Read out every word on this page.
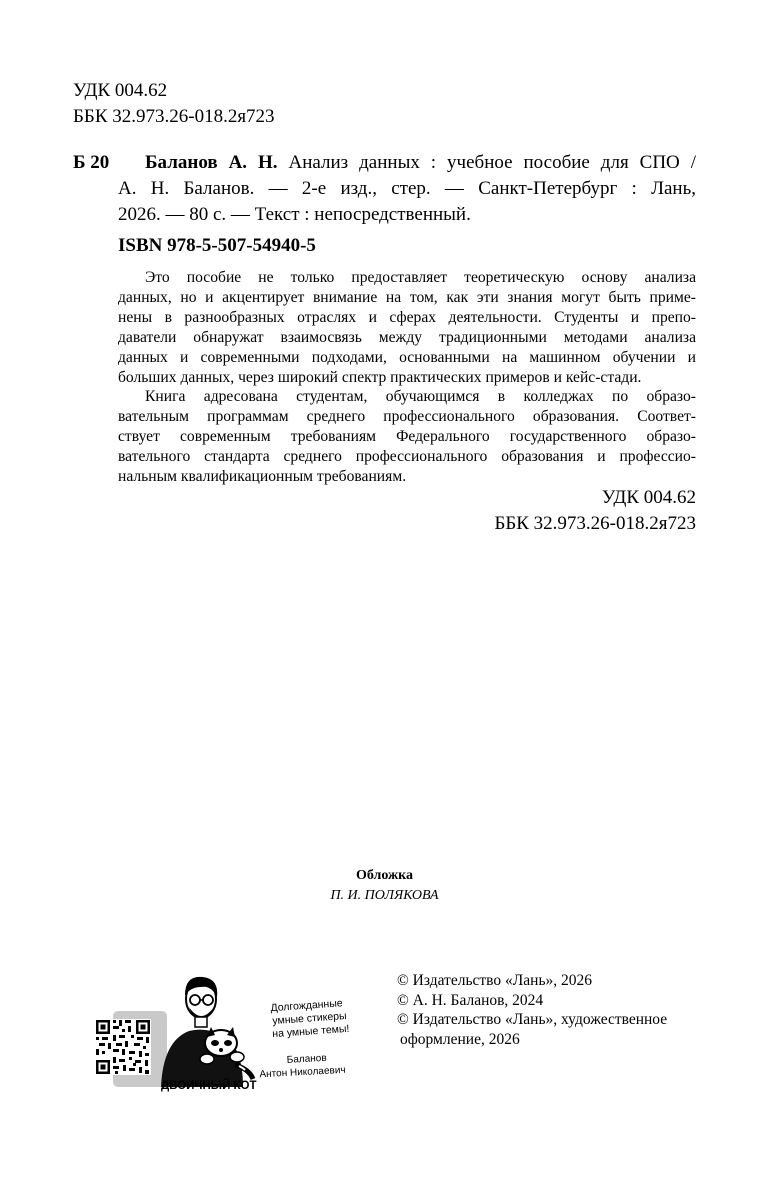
УДК 004.62
ББК 32.973.26-018.2я723
Б 20	Баланов А. Н. Анализ данных : учебное пособие для СПО /
А. Н. Баланов. — 2-е изд., стер. — Санкт-Петербург : Лань,
2026. — 80 с. — Текст : непосредственный.
ISBN 978-5-507-54940-5
Это пособие не только предоставляет теоретическую основу анализа
данных, но и акцентирует внимание на том, как эти знания могут быть приме-
нены в разнообразных отраслях и сферах деятельности. Студенты и препо-
даватели обнаружат взаимосвязь между традиционными методами анализа
данных и современными подходами, основанными на машинном обучении и
больших данных, через широкий спектр практических примеров и кейс-стади.
Книга адресована студентам, обучающимся в колледжах по образо-
вательным программам среднего профессионального образования. Соответ-
ствует современным требованиям Федерального государственного образо-
вательного стандарта среднего профессионального образования и профессио-
нальным квалификационным требованиям.
УДК 004.62
ББК 32.973.26-018.2я723
Обложка
П. И. ПОЛЯКОВА
© Издательство «Лань», 2026
© А. Н. Баланов, 2024
© Издательство «Лань», художественное
оформление, 2026
Долгожданные
умные стикеры
на умные темы!
Баланов
Антон Николаевич
ДВОИЧНЫЙ КОТ
